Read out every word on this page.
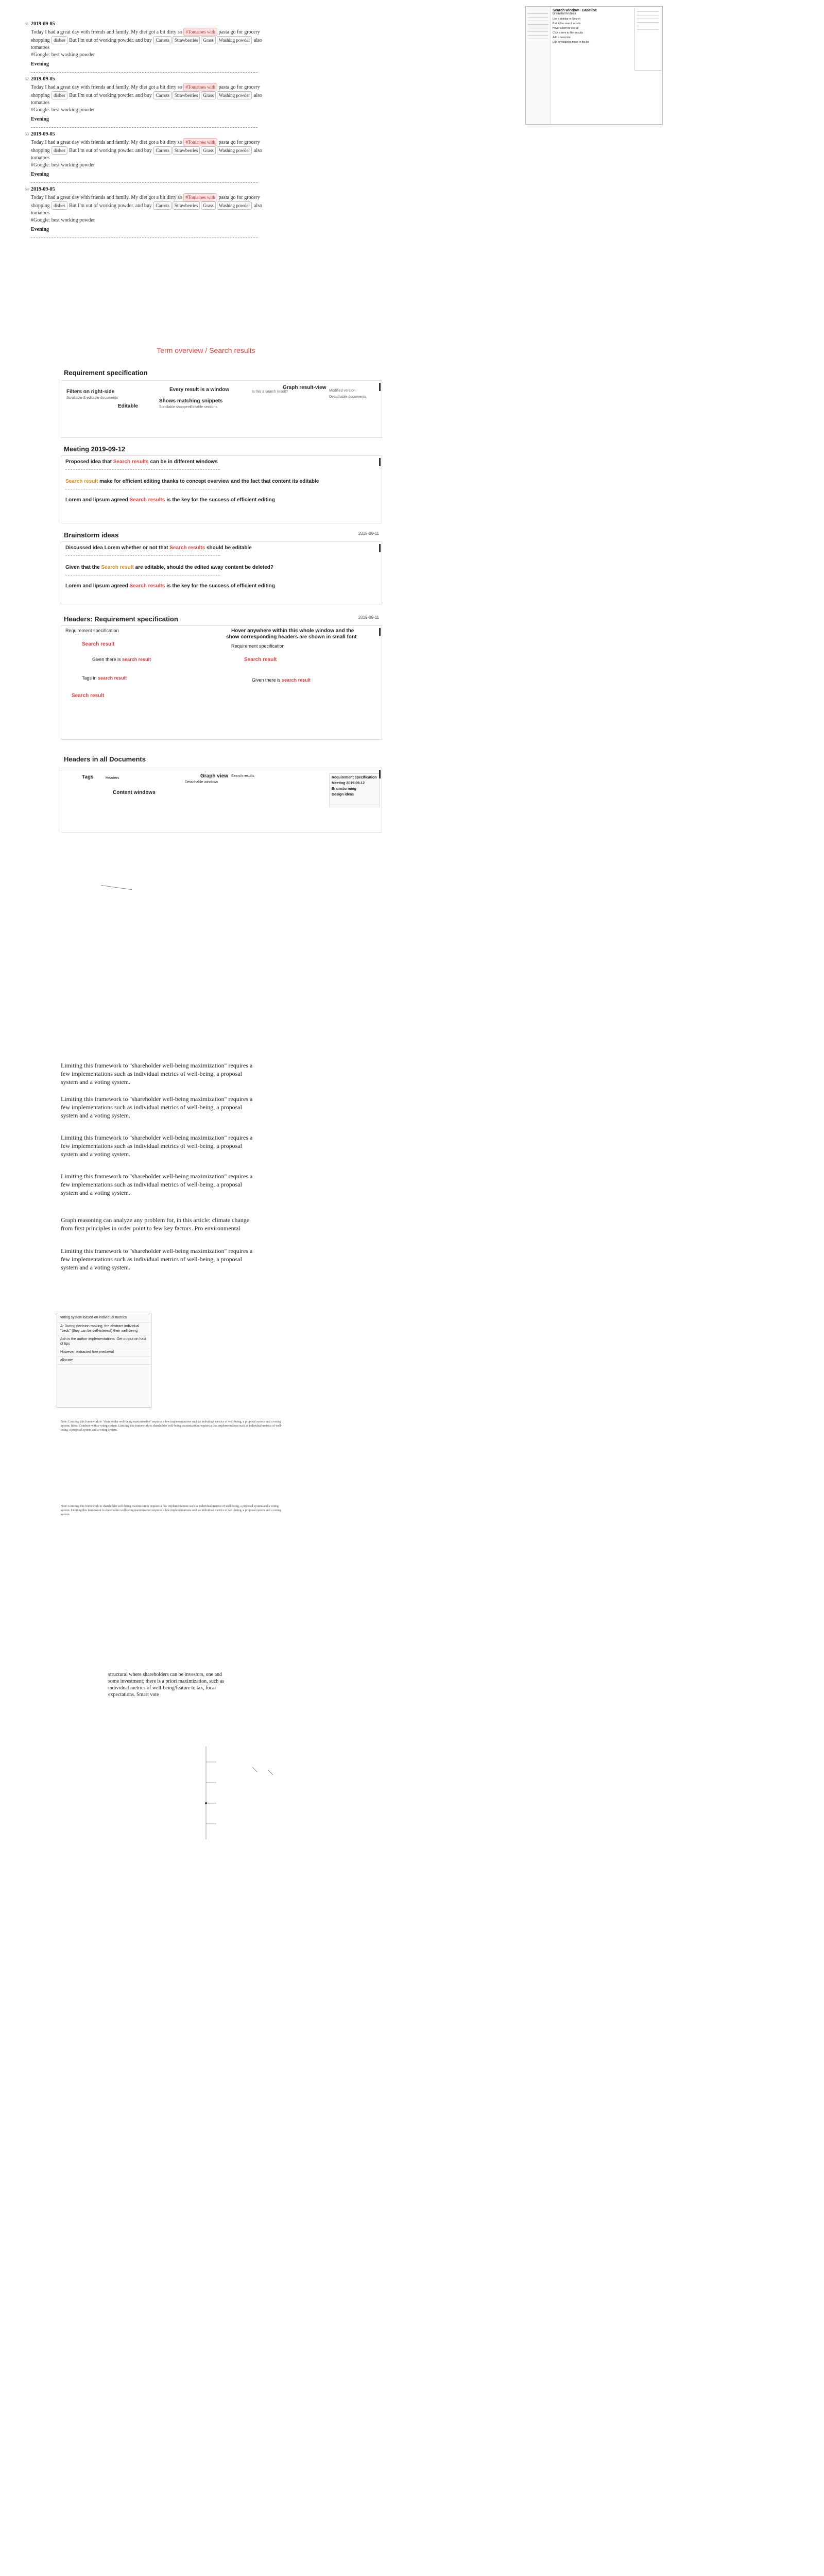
61 2019-09-05
Today I had a great day with friends and family. My diet got a bit dirty so #Tomatoes with pasta go for grocery shopping dishes But I'm out of working powder. and buy Carrots Strawberries Grass Washing powder also tomatoes
#Google: best washing powder
Evening
62 2019-09-05
Today I had a great day with friends and family. My diet got a bit dirty so #Tomatoes with pasta go for grocery shopping dishes But I'm out of working powder. and buy Carrots Strawberries Grass Washing powder also tomatoes
#Google: best working powder
Evening
63 2019-09-05
Today I had a great day with friends and family. My diet got a bit dirty so #Tomatoes with pasta go for grocery shopping dishes But I'm out of working powder. and buy Carrots Strawberries Grass Washing powder also tomatoes
#Google: best working powder
Evening
64 2019-09-05
Today I had a great day with friends and family. My diet got a bit dirty so #Tomatoes with pasta go for grocery shopping dishes But I'm out of working powder. and buy Carrots Strawberries Grass Washing powder also tomatoes
#Google: best working powder
Evening
Search window · Baseline
Brainstorm Ideas
Use a sidebar or Search
Pull in the search results
Hover a term to see all
Click a term to filter results
Add a new note
Use keyboard to move in the list
Term overview / Search results
Requirement specification
Filters on right-side
Scrollable & editable documents
Every result is a window	Graph result-view
Editable
Shows matching snippets
Scrollable shoppers
Editable sections
Modified version
Is this a search result?
Detachable documents
Meeting 2019-09-12
Proposed idea that Search results can be in different windows
Search result make for efficient editing thanks to concept overview and the fact that content its editable
Lorem and lipsum agreed Search results is the key for the success of efficient editing
Brainstorm ideas	2019-09-11
Discussed idea Lorem whether or not that Search results should be editable
Given that the Search result are editable, should the edited away content be deleted?
Lorem and lipsum agreed Search results is the key for the success of efficient editing
Headers: Requirement specification	2019-09-11
Requirement specification
Search result
Given there is search result
Tags in search result
Search result
Hover anywhere within this whole window and the
show corresponding headers are shown in small font
Requirement specification
Search result
Given there is search result
Headers in all Documents
Tags	Graph view
Content windows
Headers
Search results
Detachable windows
Requirement specification
Meeting 2019-09-12
Brainstorming
Design ideas
Limiting this framework to "shareholder well-being maximization" requires a few implementations such as individual metrics of well-being, a proposal system and a voting system.
Limiting this framework to "shareholder well-being maximization" requires a few implementations such as individual metrics of well-being, a proposal system and a voting system.
Limiting this framework to "shareholder well-being maximization" requires a few implementations such as individual metrics of well-being, a proposal system and a voting system.
Limiting this framework to "shareholder well-being maximization" requires a few implementations such as individual metrics of well-being, a proposal system and a voting system.
Graph reasoning can analyze any problem for, in this article: climate change from first principles in order point to few key factors. Pro environmental
Limiting this framework to "shareholder well-being maximization" requires a few implementations such as individual metrics of well-being, a proposal system and a voting system.
voting system based on individual metrics
A: During decision-making, the abstract individual "beds" (they can be self-interest) their well-being
Ash is the author implementations. Get output on hast of tips
However, extracted free medieval
allocate
Note: Limiting this framework to "shareholder well-being maximization" requires a few implementations such as individual metrics of well-being, a proposal system and a voting system. Ideas: Combine with a voting system. Limiting this framework to shareholder well-being maximization requires a few implementations such as individual metrics of well-being, a proposal system and a voting system.
Note: Limiting this framework to shareholder well-being maximization requires a few implementations such as individual metrics of well-being, a proposal system and a voting system. Limiting this framework to shareholder well-being maximization requires a few implementations such as individual metrics of well-being, a proposal system and a voting system.
structural where shareholders can be investors, one and some investment; there is a priori maximization, such as individual metrics of well-being/feature to tax, focal expectations. Smart vote
